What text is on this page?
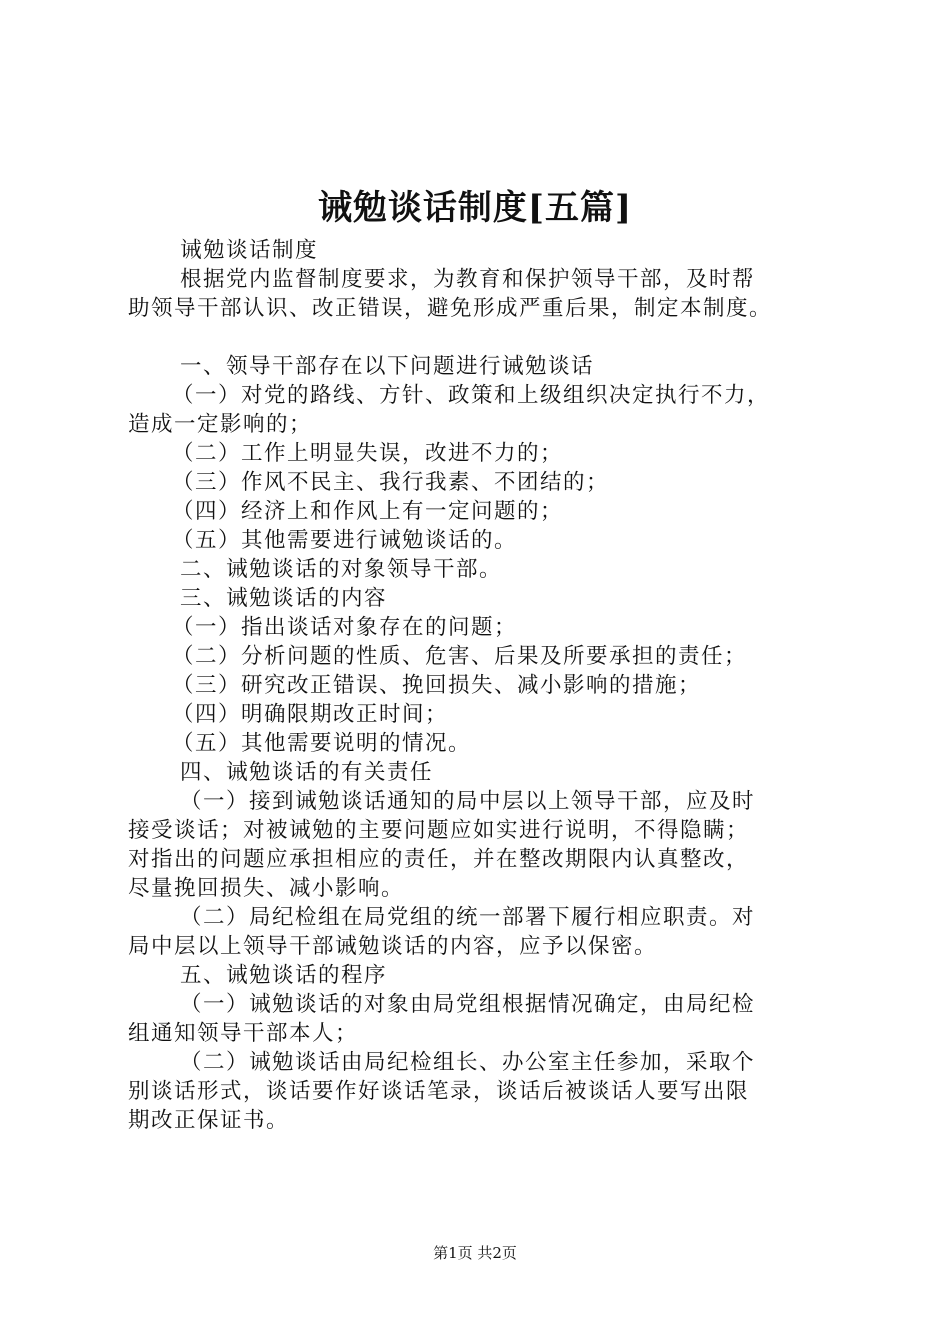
诫勉谈话制度[五篇]

诫勉谈话制度

根据党内监督制度要求，为教育和保护领导干部，及时帮

助领导干部认识、改正错误，避免形成严重后果，制定本制度。

一、领导干部存在以下问题进行诫勉谈话

（一）对党的路线、方针、政策和上级组织决定执行不力，

造成一定影响的；

（二）工作上明显失误，改进不力的；

（三）作风不民主、我行我素、不团结的；

（四）经济上和作风上有一定问题的；

（五）其他需要进行诫勉谈话的。

二、诫勉谈话的对象领导干部。

三、诫勉谈话的内容

（一）指出谈话对象存在的问题；

（二）分析问题的性质、危害、后果及所要承担的责任；

（三）研究改正错误、挽回损失、减小影响的措施；

（四）明确限期改正时间；

（五）其他需要说明的情况。

四、诫勉谈话的有关责任

（一）接到诫勉谈话通知的局中层以上领导干部，应及时

接受谈话；对被诫勉的主要问题应如实进行说明，不得隐瞒；

对指出的问题应承担相应的责任，并在整改期限内认真整改，

尽量挽回损失、减小影响。

（二）局纪检组在局党组的统一部署下履行相应职责。对

局中层以上领导干部诫勉谈话的内容，应予以保密。

五、诫勉谈话的程序

（一）诫勉谈话的对象由局党组根据情况确定，由局纪检

组通知领导干部本人；

（二）诫勉谈话由局纪检组长、办公室主任参加，采取个

别谈话形式，谈话要作好谈话笔录，谈话后被谈话人要写出限

期改正保证书。

第1页 共2页
